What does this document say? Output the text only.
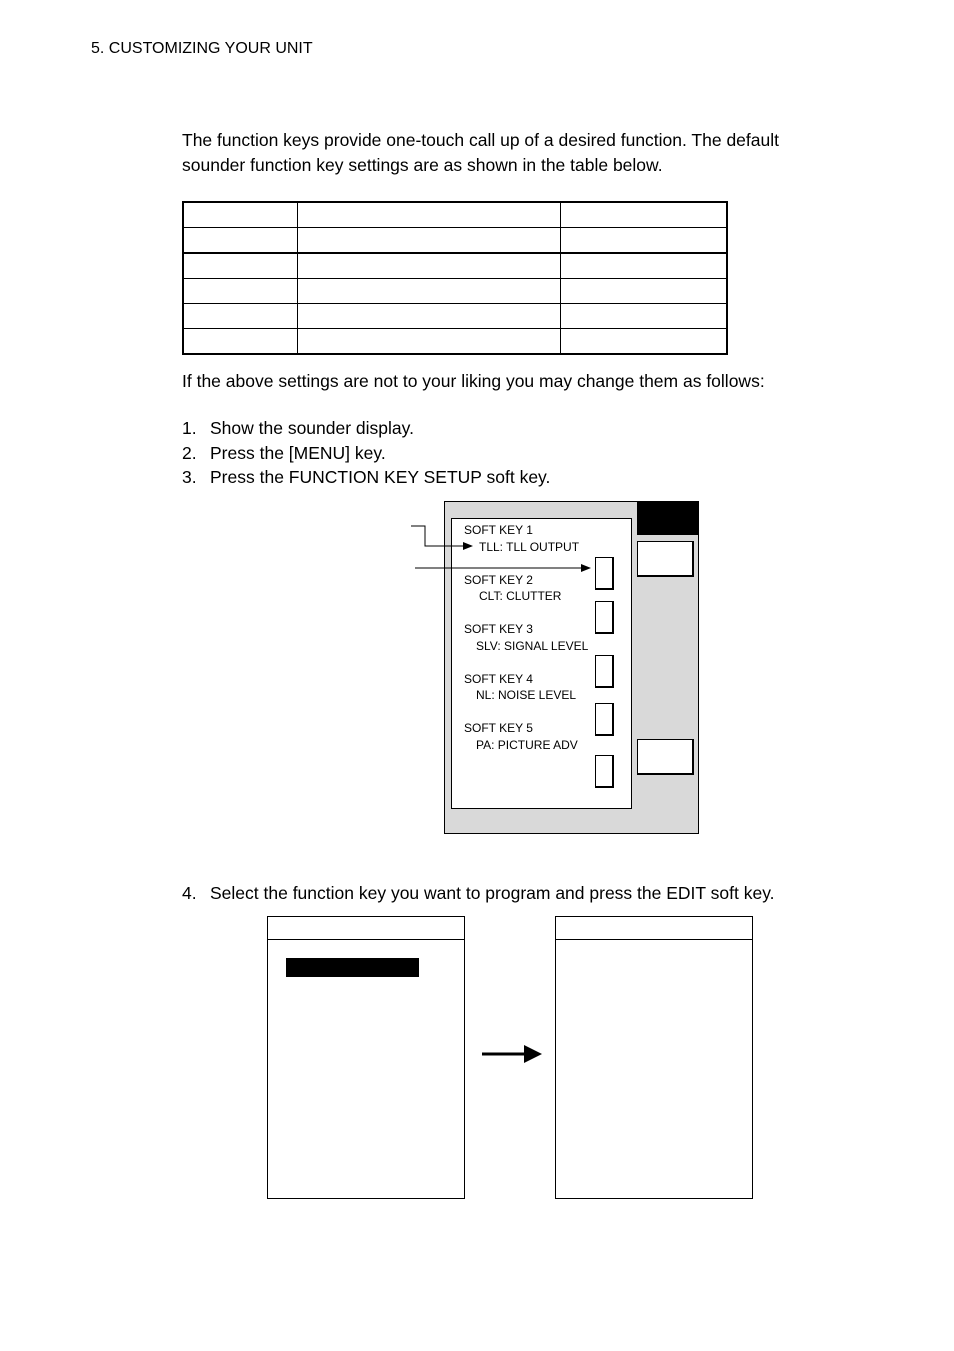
5. CUSTOMIZING YOUR UNIT
The function keys provide one-touch call up of a desired function. The default
sounder function key settings are as shown in the table below.

If the above settings are not to your liking you may change them as follows:
1. Show the sounder display.
2. Press the [MENU] key.
3. Press the FUNCTION KEY SETUP soft key.
SOFT KEY 1
TLL: TLL OUTPUT
SOFT KEY 2
CLT: CLUTTER
SOFT KEY 3
SLV: SIGNAL LEVEL
SOFT KEY 4
NL: NOISE LEVEL
SOFT KEY 5
PA: PICTURE ADV
4. Select the function key you want to program and press the EDIT soft key.
